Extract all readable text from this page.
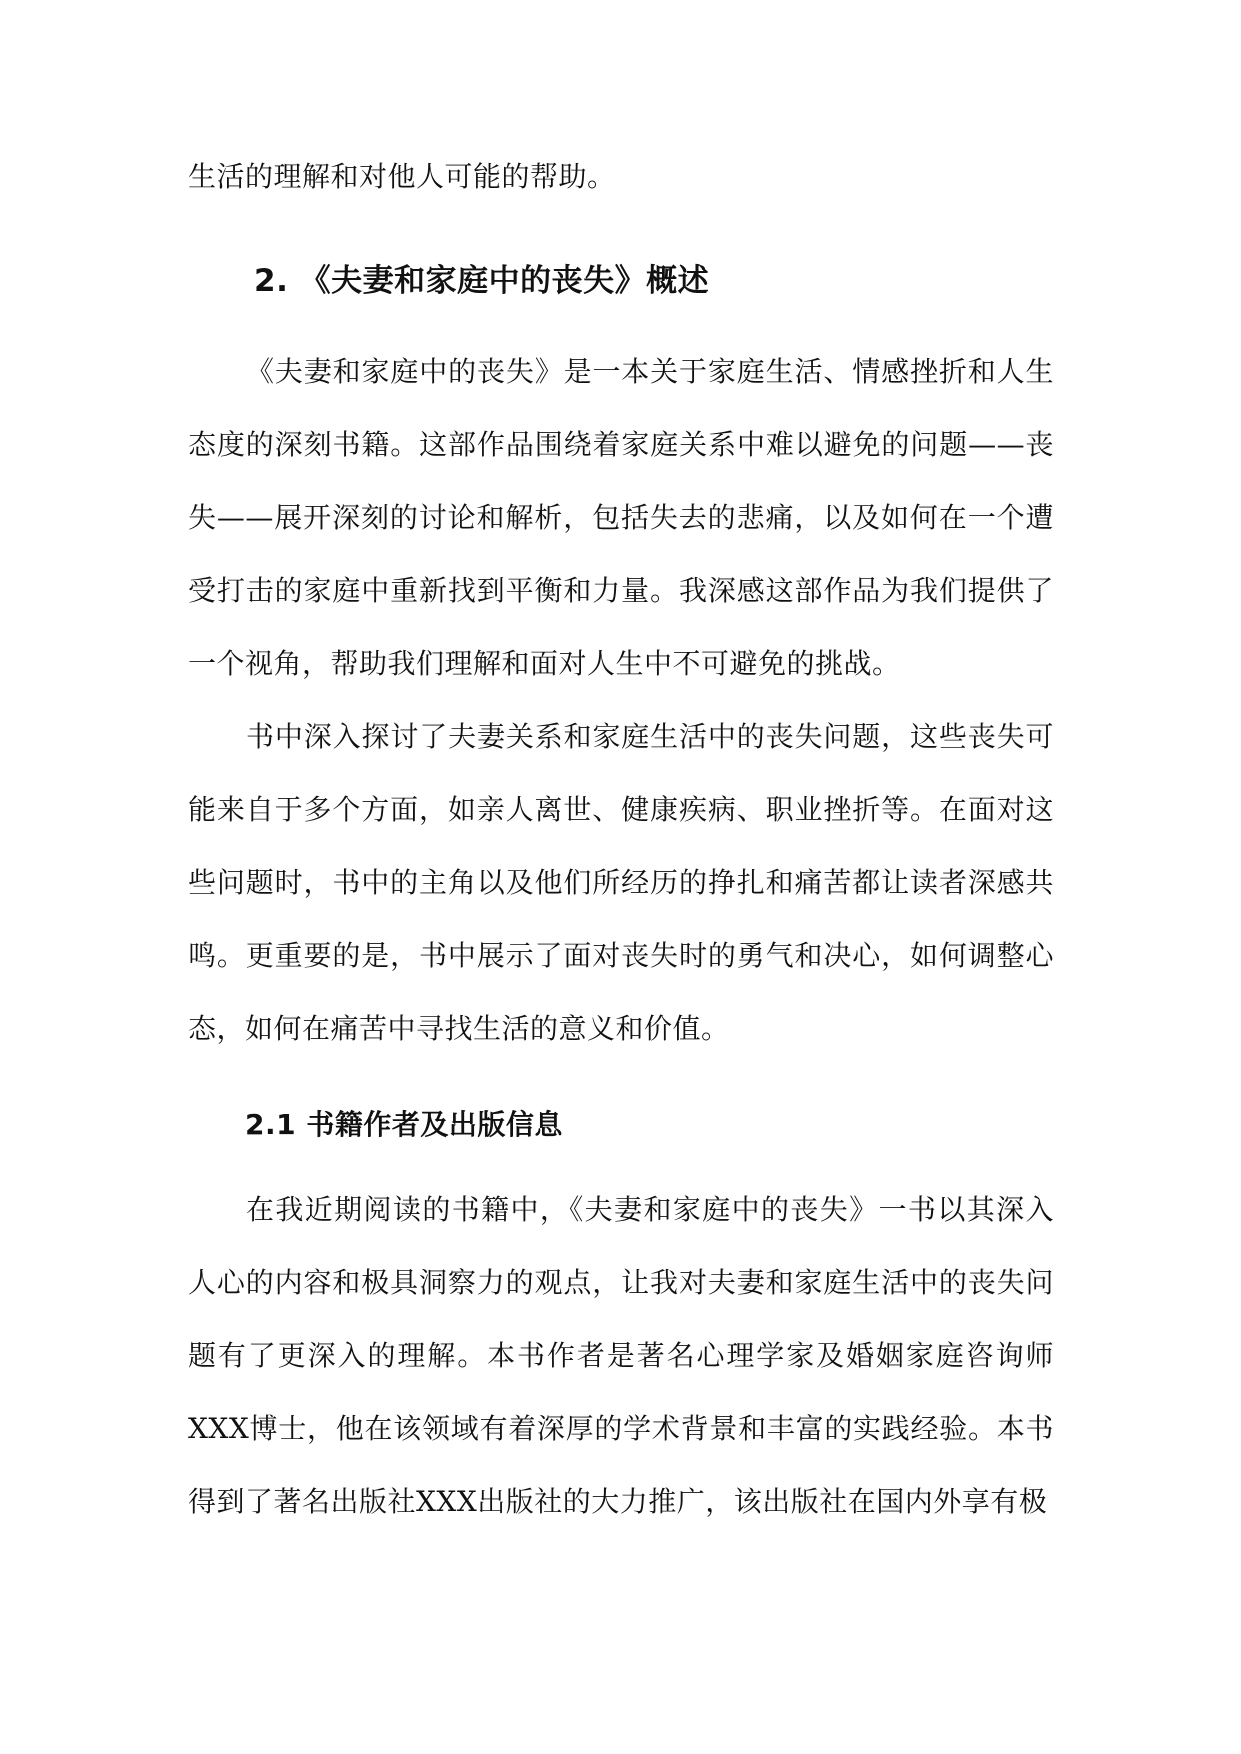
生活的理解和对他人可能的帮助。

2. 《夫妻和家庭中的丧失》概述

《夫妻和家庭中的丧失》是一本关于家庭生活、情感挫折和人生态度的深刻书籍。这部作品围绕着家庭关系中难以避免的问题——丧失——展开深刻的讨论和解析，包括失去的悲痛，以及如何在一个遭受打击的家庭中重新找到平衡和力量。我深感这部作品为我们提供了一个视角，帮助我们理解和面对人生中不可避免的挑战。

书中深入探讨了夫妻关系和家庭生活中的丧失问题，这些丧失可能来自于多个方面，如亲人离世、健康疾病、职业挫折等。在面对这些问题时，书中的主角以及他们所经历的挣扎和痛苦都让读者深感共鸣。更重要的是，书中展示了面对丧失时的勇气和决心，如何调整心态，如何在痛苦中寻找生活的意义和价值。

2.1 书籍作者及出版信息

在我近期阅读的书籍中，《夫妻和家庭中的丧失》一书以其深入人心的内容和极具洞察力的观点，让我对夫妻和家庭生活中的丧失问题有了更深入的理解。本书作者是著名心理学家及婚姻家庭咨询师XXX博士，他在该领域有着深厚的学术背景和丰富的实践经验。本书得到了著名出版社XXX出版社的大力推广，该出版社在国内外享有极
